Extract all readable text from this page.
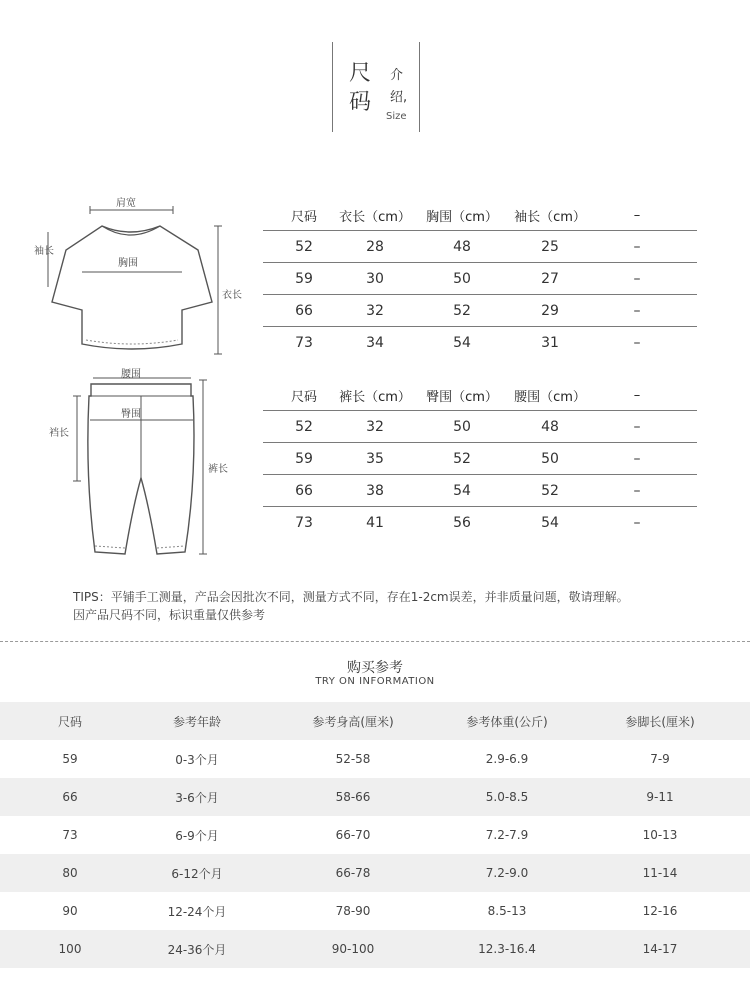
尺
码
介
绍,
Size
肩宽
袖长
衣长
胸围
腰围
臀围
裆长
裤长
尺码	衣长（cm）	胸围（cm）	袖长（cm）	–
52	28	48	25	–
59	30	50	27	–
66	32	52	29	–
73	34	54	31	–
尺码	裤长（cm）	臀围（cm）	腰围（cm）	–
52	32	50	48	–
59	35	52	50	–
66	38	54	52	–
73	41	56	54	–
TIPS：平铺手工测量，产品会因批次不同，测量方式不同，存在1-2cm误差，并非质量问题，敬请理解。
因产品尺码不同，标识重量仅供参考
购买参考
TRY ON INFORMATION
尺码	参考年龄	参考身高(厘米)	参考体重(公斤)	参脚长(厘米)
59	0-3个月	52-58	2.9-6.9	7-9
66	3-6个月	58-66	5.0-8.5	9-11
73	6-9个月	66-70	7.2-7.9	10-13
80	6-12个月	66-78	7.2-9.0	11-14
90	12-24个月	78-90	8.5-13	12-16
100	24-36个月	90-100	12.3-16.4	14-17
